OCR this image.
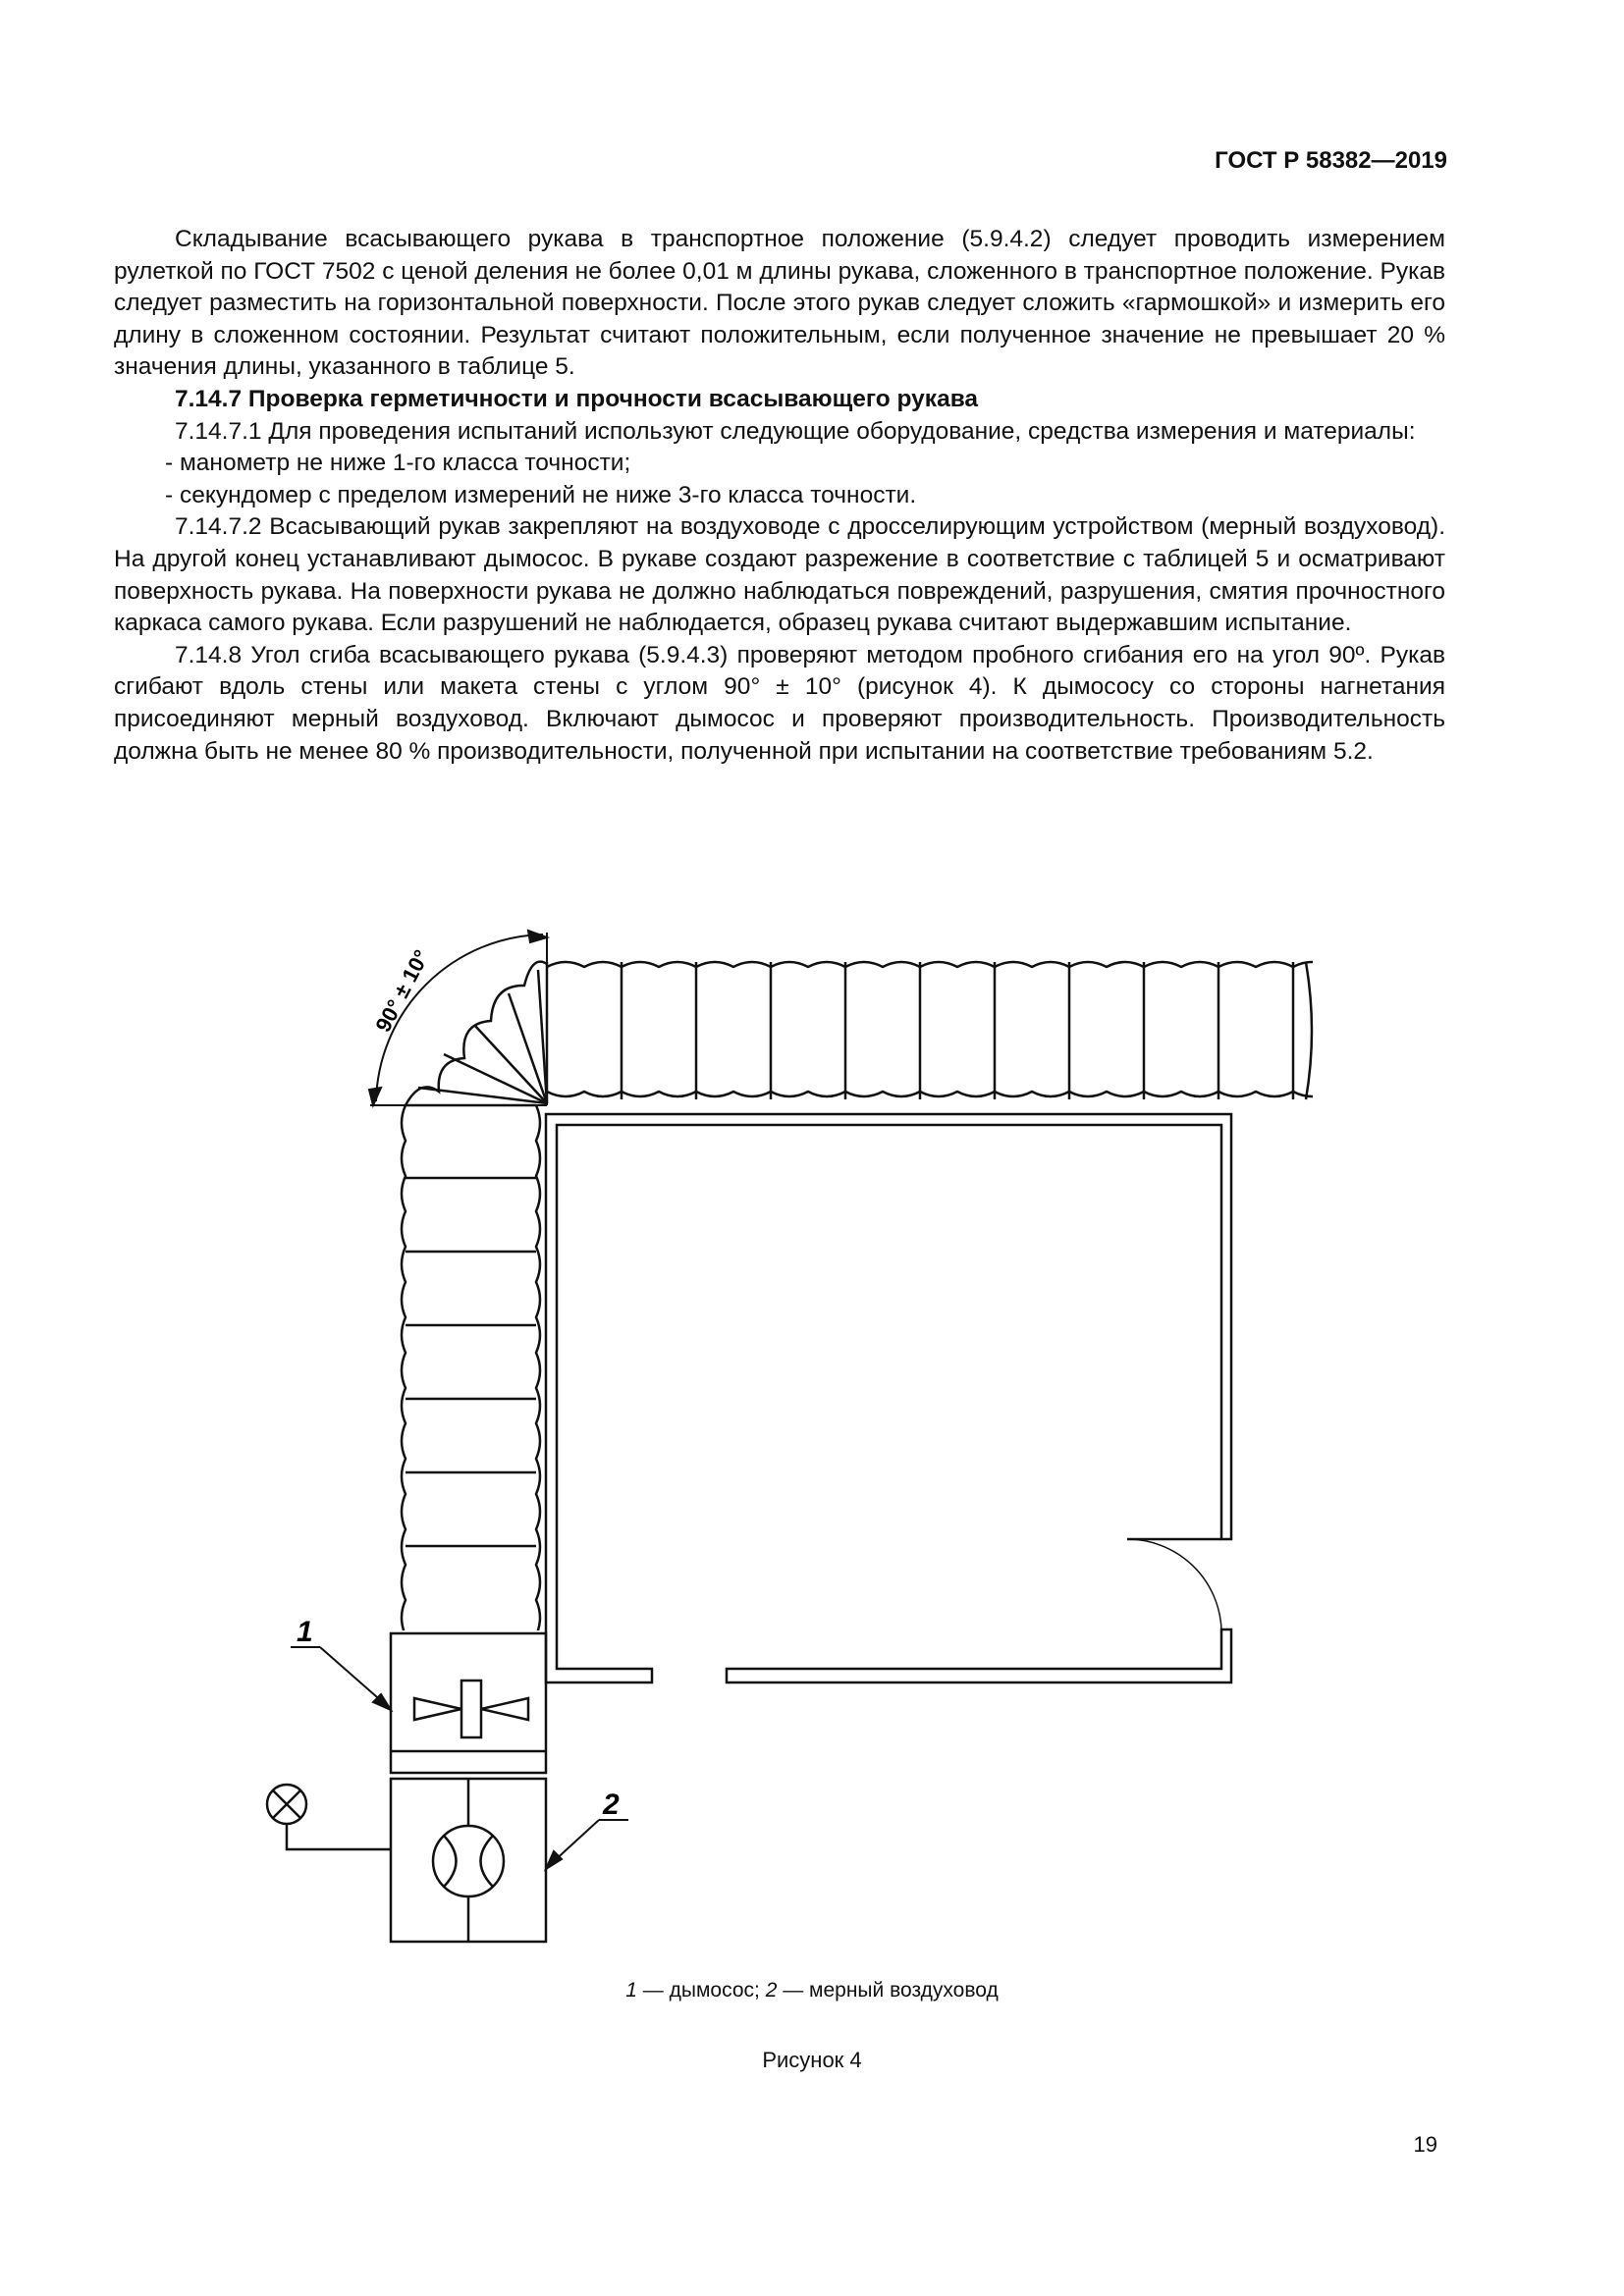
ГОСТ Р 58382—2019

Складывание всасывающего рукава в транспортное положение (5.9.4.2) следует проводить измерением рулеткой по ГОСТ 7502 с ценой деления не более 0,01 м длины рукава, сложенного в транспортное положение. Рукав следует разместить на горизонтальной поверхности. После этого рукав следует сложить «гармошкой» и измерить его длину в сложенном состоянии. Результат считают положительным, если полученное значение не превышает 20 % значения длины, указанного в таблице 5.

7.14.7 Проверка герметичности и прочности всасывающего рукава

7.14.7.1 Для проведения испытаний используют следующие оборудование, средства измерения и материалы:

- манометр не ниже 1-го класса точности;

- секундомер с пределом измерений не ниже 3-го класса точности.

7.14.7.2 Всасывающий рукав закрепляют на воздуховоде с дросселирующим устройством (мерный воздуховод). На другой конец устанавливают дымосос. В рукаве создают разрежение в соответствие с таблицей 5 и осматривают поверхность рукава. На поверхности рукава не должно наблюдаться повреждений, разрушения, смятия прочностного каркаса самого рукава. Если разрушений не наблюдается, образец рукава считают выдержавшим испытание.

7.14.8 Угол сгиба всасывающего рукава (5.9.4.3) проверяют методом пробного сгибания его на угол 90º. Рукав сгибают вдоль стены или макета стены с углом 90° ± 10° (рисунок 4). К дымососу со стороны нагнетания присоединяют мерный воздуховод. Включают дымосос и проверяют производительность. Производительность должна быть не менее 80 % производительности, полученной при испытании на соответствие требованиям 5.2.

90° ± 10°
1
2
1 — дымосос; 2 — мерный воздуховод
Рисунок 4
19
